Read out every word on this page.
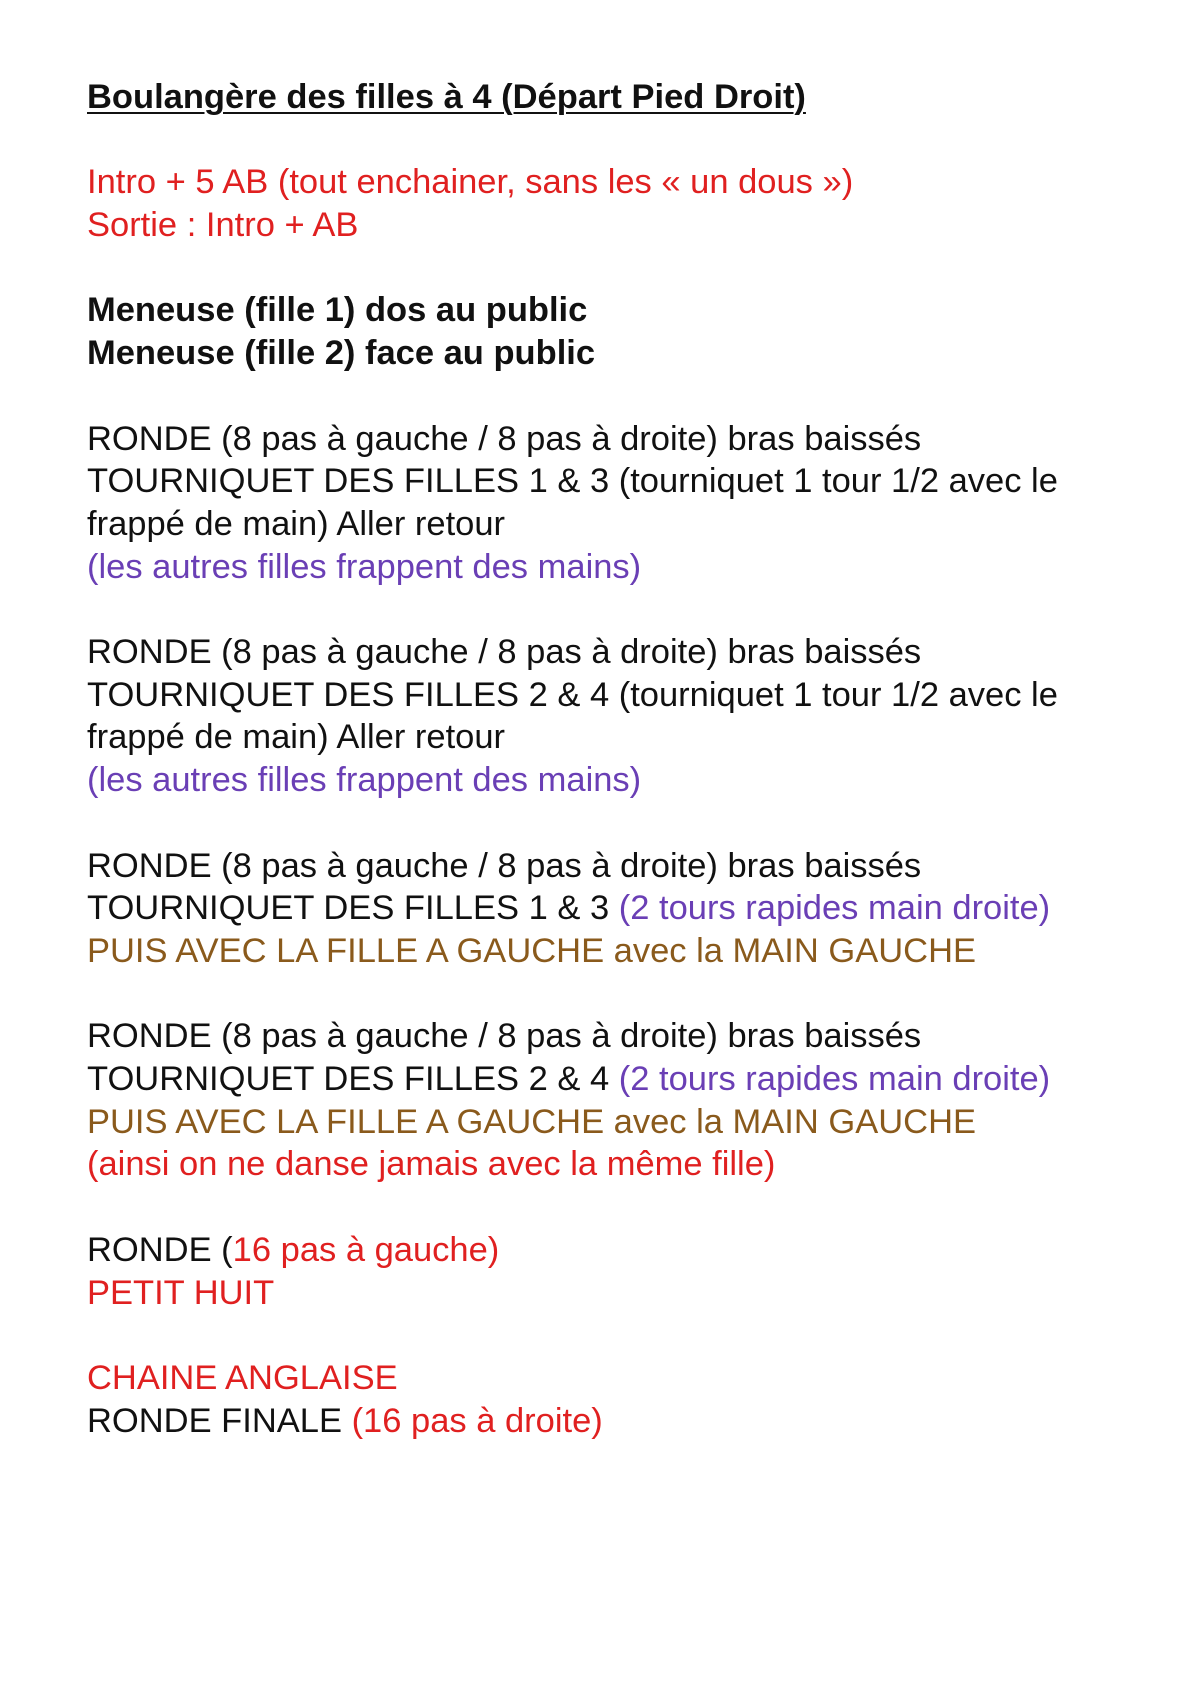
Boulangère des filles à 4 (Départ Pied Droit)
Intro + 5 AB (tout enchainer, sans les « un dous »)
Sortie : Intro + AB
Meneuse (fille 1) dos au public
Meneuse (fille 2) face au public
RONDE (8 pas à gauche / 8 pas à droite) bras baissés
TOURNIQUET DES FILLES 1 & 3 (tourniquet 1 tour 1/2 avec le
frappé de main) Aller retour
(les autres filles frappent des mains)
RONDE (8 pas à gauche / 8 pas à droite) bras baissés
TOURNIQUET DES FILLES 2 & 4 (tourniquet 1 tour 1/2 avec le
frappé de main) Aller retour
(les autres filles frappent des mains)
RONDE (8 pas à gauche / 8 pas à droite) bras baissés
TOURNIQUET DES FILLES 1 & 3 (2 tours rapides main droite)
PUIS AVEC LA FILLE A GAUCHE avec la MAIN GAUCHE
RONDE (8 pas à gauche / 8 pas à droite) bras baissés
TOURNIQUET DES FILLES 2 & 4 (2 tours rapides main droite)
PUIS AVEC LA FILLE A GAUCHE avec la MAIN GAUCHE
(ainsi on ne danse jamais avec la même fille)
RONDE (16 pas à gauche)
PETIT HUIT
CHAINE ANGLAISE
RONDE FINALE (16 pas à droite)
